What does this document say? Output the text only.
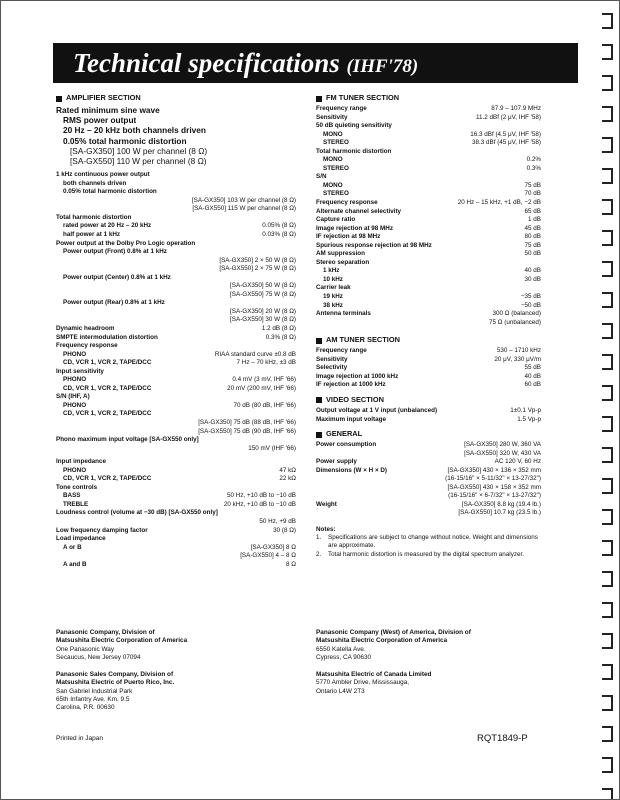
Technical specifications (IHF'78)
AMPLIFIER SECTION
Rated minimum sine wave
RMS power output
20 Hz – 20 kHz both channels driven
0.05% total harmonic distortion
[SA-GX350] 100 W per channel (8 Ω)
[SA-GX550] 110 W per channel (8 Ω)
1 kHz continuous power output
both channels driven
0.05% total harmonic distortion
[SA-GX350] 103 W per channel (8 Ω)
[SA-GX550] 115 W per channel (8 Ω)
Total harmonic distortion
rated power at 20 Hz – 20 kHz	0.05% (8 Ω)
half power at 1 kHz	0.03% (8 Ω)
Power output at the Dolby Pro Logic operation
Power output (Front) 0.8% at 1 kHz
[SA-GX350] 2 × 50 W (8 Ω)
[SA-GX550] 2 × 75 W (8 Ω)
Power output (Center) 0.8% at 1 kHz
[SA-GX350] 50 W (8 Ω)
[SA-GX550] 75 W (8 Ω)
Power output (Rear) 0.8% at 1 kHz
[SA-GX350] 20 W (8 Ω)
[SA-GX550] 30 W (8 Ω)
Dynamic headroom	1.2 dB (8 Ω)
SMPTE intermodulation distortion	0.3% (8 Ω)
Frequency response
PHONO	RIAA standard curve ±0.8 dB
CD, VCR 1, VCR 2, TAPE/DCC	7 Hz – 70 kHz, ±3 dB
Input sensitivity
PHONO	0.4 mV (3 mV, IHF '66)
CD, VCR 1, VCR 2, TAPE/DCC	20 mV (200 mV, IHF '66)
S/N (IHF, A)
PHONO	70 dB (80 dB, IHF '66)
CD, VCR 1, VCR 2, TAPE/DCC
[SA-GX350] 75 dB (88 dB, IHF '66)
[SA-GX550] 75 dB (90 dB, IHF '66)
Phono maximum input voltage [SA-GX550 only]
150 mV (IHF '66)
Input impedance
PHONO	47 kΩ
CD, VCR 1, VCR 2, TAPE/DCC	22 kΩ
Tone controls
BASS	50 Hz, +10 dB to −10 dB
TREBLE	20 kHz, +10 dB to −10 dB
Loudness control (volume at −30 dB) [SA-GX550 only]
50 Hz, +9 dB
Low frequency damping factor	30 (8 Ω)
Load impedance
A or B	[SA-GX350] 8 Ω
[SA-GX550] 4 – 8 Ω
A and B	8 Ω
FM TUNER SECTION
Frequency range	87.9 – 107.9 MHz
Sensitivity	11.2 dBf (2 μV, IHF '58)
50 dB quieting sensitivity
MONO	16.3 dBf (4.5 μV, IHF '58)
STEREO	38.3 dBf (45 μV, IHF '58)
Total harmonic distortion
MONO	0.2%
STEREO	0.3%
S/N
MONO	75 dB
STEREO	70 dB
Frequency response	20 Hz – 15 kHz, +1 dB, −2 dB
Alternate channel selectivity	65 dB
Capture ratio	1 dB
Image rejection at 98 MHz	45 dB
IF rejection at 98 MHz	80 dB
Spurious response rejection at 98 MHz	75 dB
AM suppression	50 dB
Stereo separation
1 kHz	40 dB
10 kHz	30 dB
Carrier leak
19 kHz	−35 dB
38 kHz	−50 dB
Antenna terminals	300 Ω (balanced)
75 Ω (unbalanced)
AM TUNER SECTION
Frequency range	530 – 1710 kHz
Sensitivity	20 μV, 330 μV/m
Selectivity	55 dB
Image rejection at 1000 kHz	40 dB
IF rejection at 1000 kHz	60 dB
VIDEO SECTION
Output voltage at 1 V input (unbalanced)	1±0.1 Vp-p
Maximum input voltage	1.5 Vp-p
GENERAL
Power consumption	[SA-GX350] 280 W, 360 VA
[SA-GX550] 320 W, 430 VA
Power supply	AC 120 V, 60 Hz
Dimensions (W × H × D)	[SA-GX350] 430 × 136 × 352 mm
(16-15/16" × 5-11/32" × 13-27/32")
[SA-GX550] 430 × 158 × 352 mm
(16-15/16" × 6-7/32" × 13-27/32")
Weight	[SA-GX350] 8.8 kg (19.4 lb.)
[SA-GX550] 10.7 kg (23.5 lb.)
Notes:
1.	Specifications are subject to change without notice. Weight and dimensions are approximate.
2.	Total harmonic distortion is measured by the digital spectrum analyzer.
Panasonic Company, Division of
Matsushita Electric Corporation of America
One Panasonic Way
Secaucus, New Jersey 07094
Panasonic Sales Company, Division of
Matsushita Electric of Puerto Rico, Inc.
San Gabriel Industrial Park
65th Infantry Ave. Km. 9.5
Carolina, P.R. 00630
Panasonic Company (West) of America, Division of
Matsushita Electric Corporation of America
6550 Katella Ave.
Cypress, CA 90630
Matsushita Electric of Canada Limited
5770 Ambler Drive, Mississauga,
Ontario L4W 2T3
Printed in Japan	RQT1849-P
